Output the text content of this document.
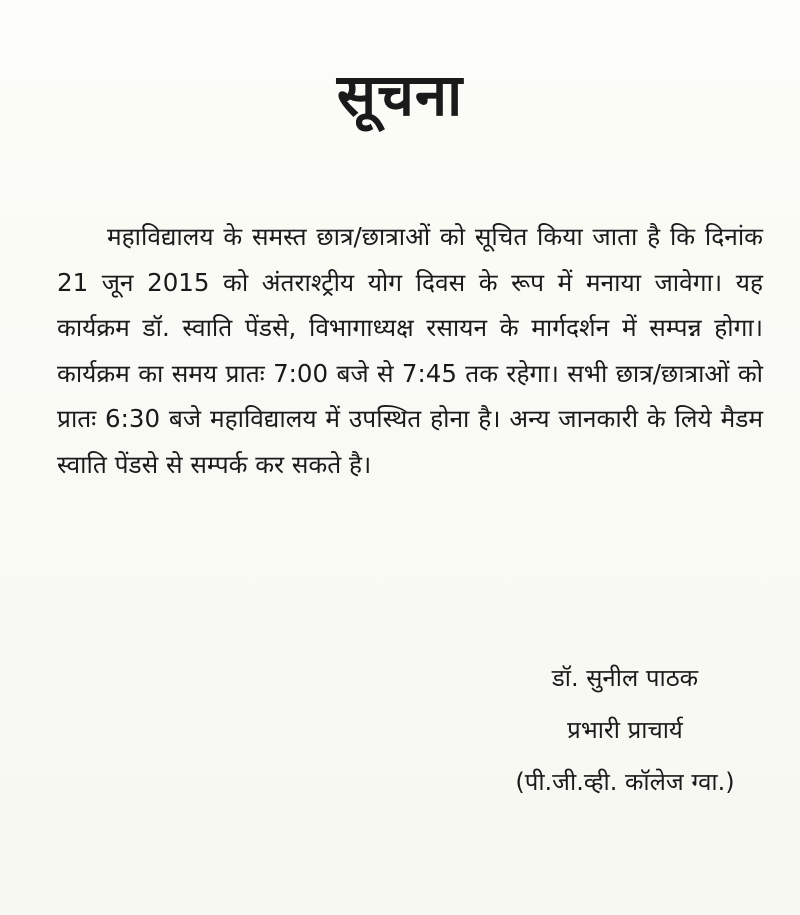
सूचना

महाविद्यालय के समस्त छात्र/छात्राओं को सूचित किया जाता है कि दिनांक 21 जून 2015 को अंतराश्ट्रीय योग दिवस के रूप में मनाया जावेगा। यह कार्यक्रम डॉ. स्वाति पेंडसे, विभागाध्यक्ष रसायन के मार्गदर्शन में सम्पन्न होगा। कार्यक्रम का समय प्रातः 7:00 बजे से 7:45 तक रहेगा। सभी छात्र/छात्राओं को प्रातः 6:30 बजे महाविद्यालय में उपस्थित होना है। अन्य जानकारी के लिये मैडम स्वाति पेंडसे से सम्पर्क कर सकते है।

डॉ. सुनील पाठक
प्रभारी प्राचार्य
(पी.जी.व्ही. कॉलेज ग्वा.)
